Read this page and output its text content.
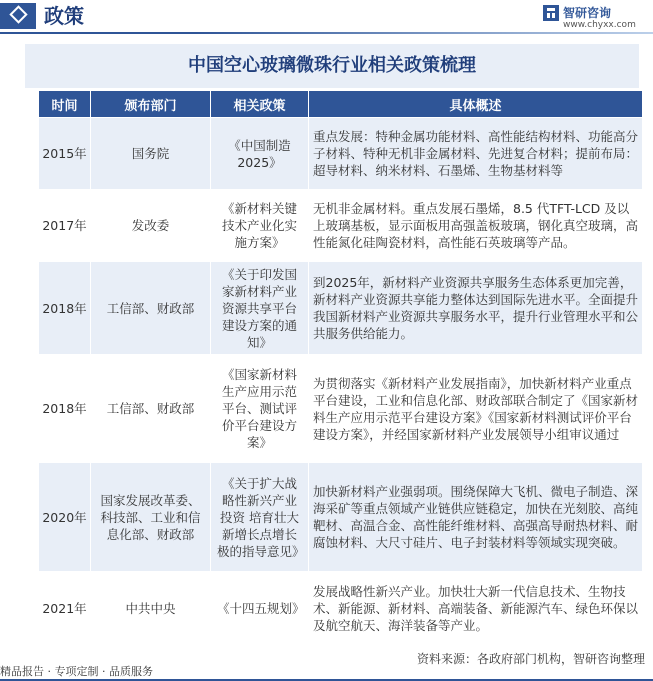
政策	智研咨询
www.chyxx.com
中国空心玻璃微珠行业相关政策梳理
时间	颁布部门	相关政策	具体概述
2015年	国务院	《中国制造2025》	重点发展：特种金属功能材料、高性能结构材料、功能高分子材料、特种无机非金属材料、先进复合材料；提前布局：超导材料、纳米材料、石墨烯、生物基材料等
2017年	发改委	《新材料关键技术产业化实施方案》	无机非金属材料。重点发展石墨烯，8.5 代TFT-LCD 及以上玻璃基板，显示面板用高强盖板玻璃，钢化真空玻璃，高性能氮化硅陶瓷材料，高性能石英玻璃等产品。
2018年	工信部、财政部	《关于印发国家新材料产业资源共享平台建设方案的通知》	到2025年，新材料产业资源共享服务生态体系更加完善，新材料产业资源共享能力整体达到国际先进水平。全面提升我国新材料产业资源共享服务水平，提升行业管理水平和公共服务供给能力。
2018年	工信部、财政部	《国家新材料生产应用示范平台、测试评价平台建设方案》	为贯彻落实《新材料产业发展指南》，加快新材料产业重点平台建设，工业和信息化部、财政部联合制定了《国家新材料生产应用示范平台建设方案》《国家新材料测试评价平台建设方案》，并经国家新材料产业发展领导小组审议通过
2020年	国家发展改革委、科技部、工业和信息化部、财政部	《关于扩大战略性新兴产业投资 培育壮大新增长点增长极的指导意见》	加快新材料产业强弱项。围绕保障大飞机、微电子制造、深海采矿等重点领域产业链供应链稳定，加快在光刻胶、高纯靶材、高温合金、高性能纤维材料、高强高导耐热材料、耐腐蚀材料、大尺寸硅片、电子封装材料等领域实现突破。
2021年	中共中央	《十四五规划》	发展战略性新兴产业。加快壮大新一代信息技术、生物技术、新能源、新材料、高端装备、新能源汽车、绿色环保以及航空航天、海洋装备等产业。
资料来源：各政府部门机构，智研咨询整理
精品报告 · 专项定制 · 品质服务
